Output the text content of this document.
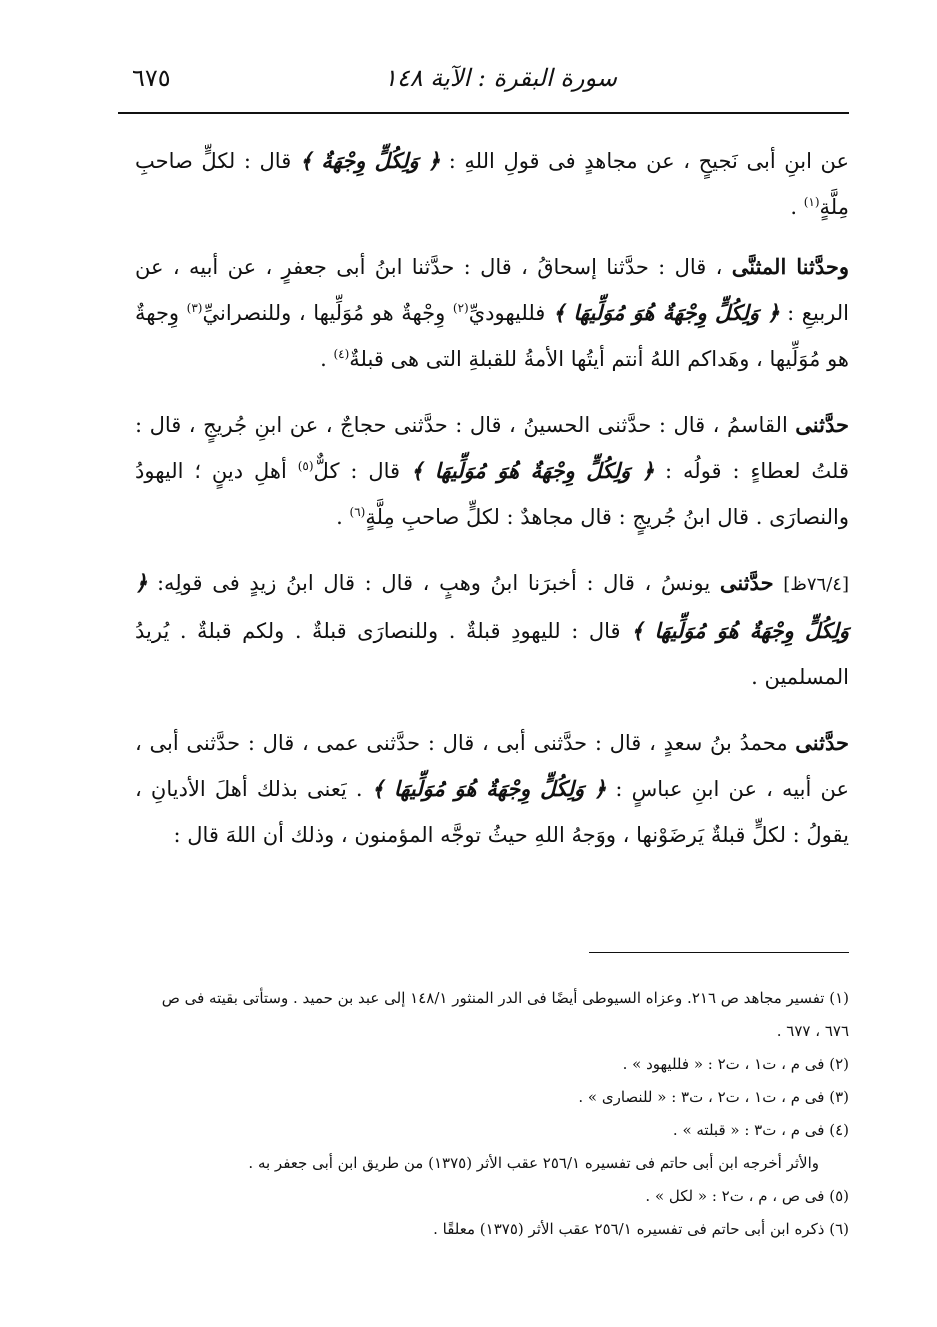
سورة البقرة : الآية ١٤٨
٦٧٥

عن ابنِ أبى نَجيحٍ ، عن مجاهدٍ فى قولِ اللهِ : ﴿ وَلِكُلٍّ وِجْهَةٌ ﴾ قال : لكلٍّ صاحبِ مِلَّةٍ$^{(١)}$ .

وحدَّثنا المثنَّى ، قال : حدَّثنا إسحاقُ ، قال : حدَّثنا ابنُ أبى جعفرٍ ، عن أبيه ، عن الربيعِ : ﴿ وَلِكُلٍّ وِجْهَةٌ هُوَ مُوَلِّيهَا ﴾ فلليهوديِّ$^{(٢)}$ وِجْهةٌ هو مُوَلِّيها ، وللنصرانيِّ$^{(٣)}$ وِجهةٌ هو مُوَلِّيها ، وهَداكم اللهُ أنتم أيتُها الأمةُ للقبلةِ التى هى قبلةٌ$^{(٤)}$ .

حدَّثنى القاسمُ ، قال : حدَّثنى الحسينُ ، قال : حدَّثنى حجاجٌ ، عن ابنِ جُريجٍ ، قال : قلتُ لعطاءٍ : قولُه : ﴿ وَلِكُلٍّ وِجْهَةٌ هُوَ مُوَلِّيهَا ﴾ قال : كلٌّ$^{(٥)}$ أهلِ دينٍ ؛ اليهودُ والنصارَى . قال ابنُ جُريجٍ : قال مجاهدٌ : لكلٍّ صاحبِ مِلَّةٍ$^{(٦)}$ .

[٧٦/٤ظ] حدَّثنى يونسُ ، قال : أخبرَنا ابنُ وهبٍ ، قال : قال ابنُ زيدٍ فى قولِه: ﴿ وَلِكُلٍّ وِجْهَةٌ هُوَ مُوَلِّيهَا ﴾ قال : لليهودِ قبلةٌ . وللنصارَى قبلةٌ . ولكم قبلةٌ . يُريدُ المسلمين .

حدَّثنى محمدُ بنُ سعدٍ ، قال : حدَّثنى أبى ، قال : حدَّثنى عمى ، قال : حدَّثنى أبى ، عن أبيه ، عن ابنِ عباسٍ : ﴿ وَلِكُلٍّ وِجْهَةٌ هُوَ مُوَلِّيهَا ﴾ . يَعنى بذلك أهلَ الأديانِ ، يقولُ : لكلٍّ قبلةٌ يَرضَوْنها ، ووَجهُ اللهِ حيثُ توجَّه المؤمنون ، وذلك أن اللهَ قال :

(١) تفسير مجاهد ص ٢١٦. وعزاه السيوطى أيضًا فى الدر المنثور ١٤٨/١ إلى عبد بن حميد . وستأتى بقيته فى ص ٦٧٦ ، ٦٧٧ .

(٢) فى م ، ت١ ، ت٢ : « فلليهود » .

(٣) فى م ، ت١ ، ت٢ ، ت٣ : « للنصارى » .

(٤) فى م ، ت٣ : « قبلته » .

والأثر أخرجه ابن أبى حاتم فى تفسيره ٢٥٦/١ عقب الأثر (١٣٧٥) من طريق ابن أبى جعفر به .

(٥) فى ص ، م ، ت٢ : « لكل » .

(٦) ذكره ابن أبى حاتم فى تفسيره ٢٥٦/١ عقب الأثر (١٣٧٥) معلقًا .
